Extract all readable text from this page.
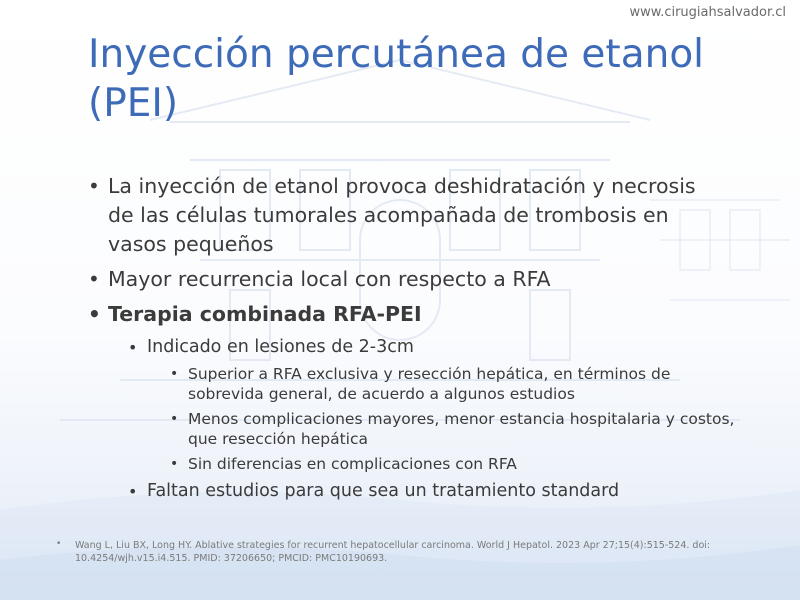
www.cirugiahsalvador.cl
Inyección percutánea de etanol (PEI)
• La inyección de etanol provoca deshidratación y necrosis de las células tumorales acompañada de trombosis en vasos pequeños
• Mayor recurrencia local con respecto a RFA
• Terapia combinada RFA-PEI
• Indicado en lesiones de 2-3cm
• Superior a RFA exclusiva y resección hepática, en términos de sobrevida general, de acuerdo a algunos estudios
• Menos complicaciones mayores, menor estancia hospitalaria y costos, que resección hepática
• Sin diferencias en complicaciones con RFA
• Faltan estudios para que sea un tratamiento standard
• Wang L, Liu BX, Long HY. Ablative strategies for recurrent hepatocellular carcinoma. World J Hepatol. 2023 Apr 27;15(4):515-524. doi: 10.4254/wjh.v15.i4.515. PMID: 37206650; PMCID: PMC10190693.
